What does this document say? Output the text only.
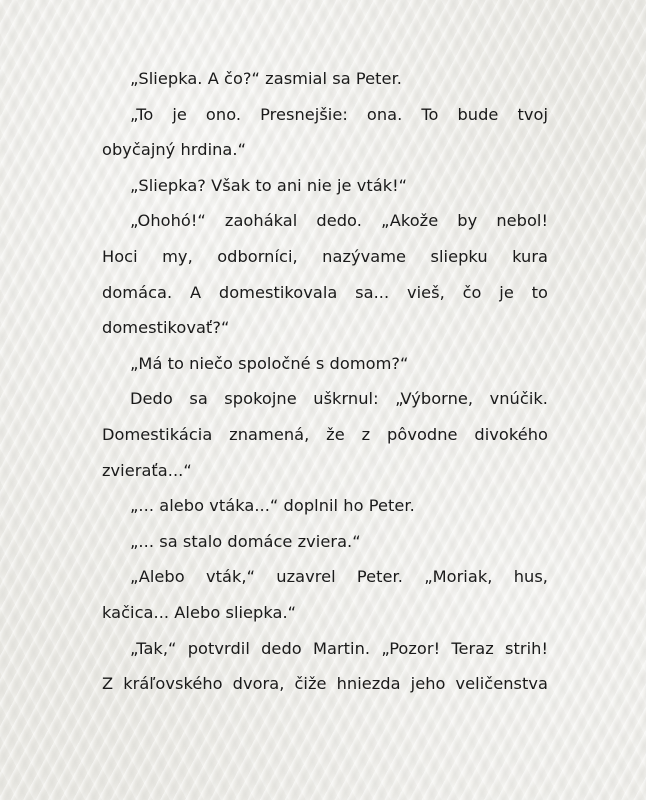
„Sliepka. A čo?“ zasmial sa Peter.
„To je ono. Presnejšie: ona. To bude tvoj
obyčajný hrdina.“
„Sliepka? Však to ani nie je vták!“
„Ohohó!“ zaohákal dedo. „Akože by nebol!
Hoci my, odborníci, nazývame sliepku kura
domáca. A domestikovala sa... vieš, čo je to
domestikovať?“
„Má to niečo spoločné s domom?“
Dedo sa spokojne uškrnul: „Výborne, vnúčik.
Domestikácia znamená, že z pôvodne divokého
zvieraťa...“
„... alebo vtáka...“ doplnil ho Peter.
„... sa stalo domáce zviera.“
„Alebo vták,“ uzavrel Peter. „Moriak, hus,
kačica... Alebo sliepka.“
„Tak,“ potvrdil dedo Martin. „Pozor! Teraz strih!
Z kráľovského dvora, čiže hniezda jeho veličenstva
